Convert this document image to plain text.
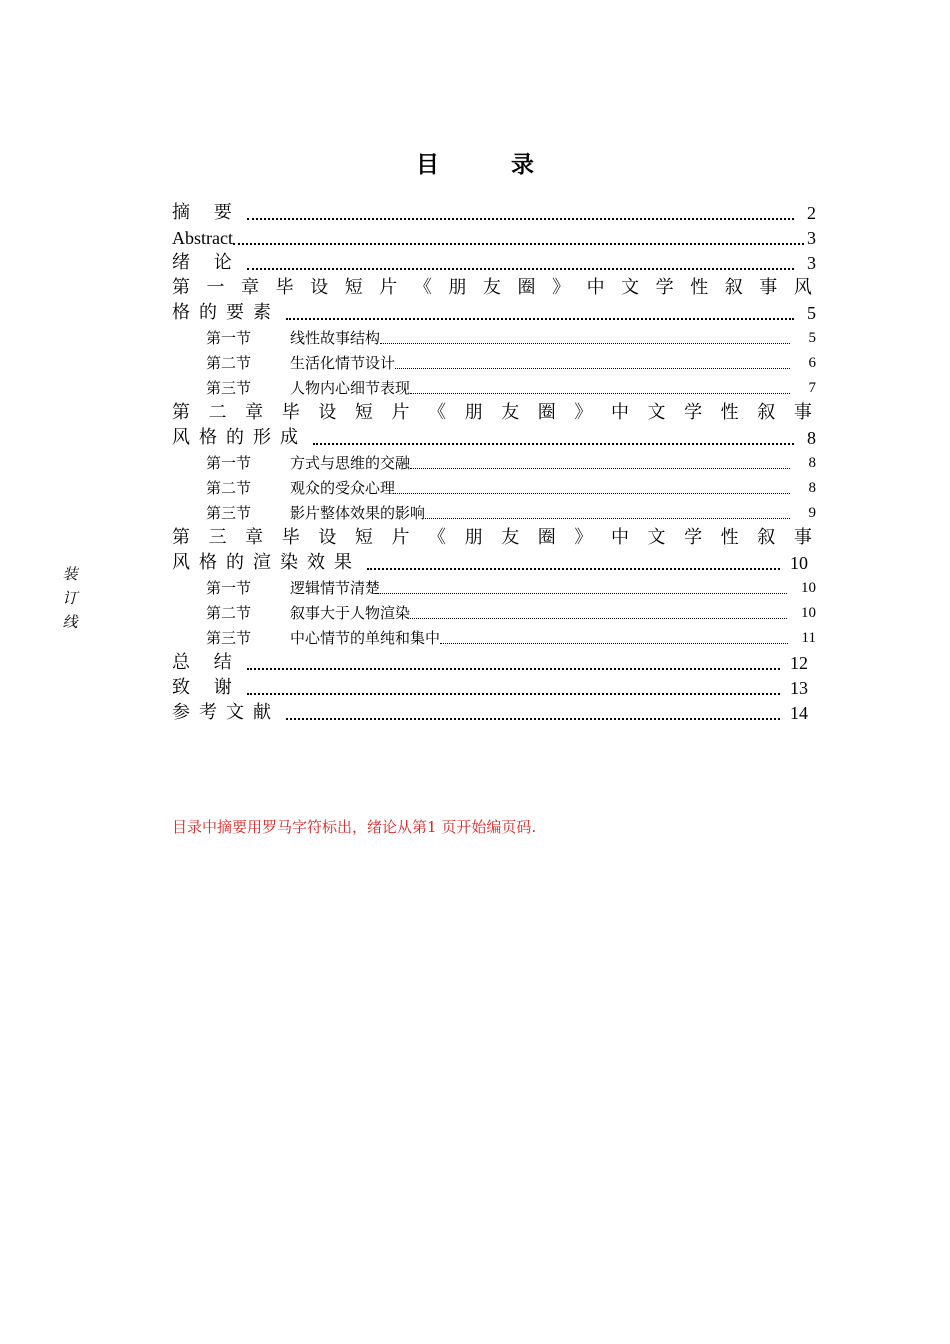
装
订
线
目	录
摘 要	2
Abstract	3
绪 论	3
第 一 章 毕 设 短 片 《 朋 友 圈 》 中 文 学 性 叙 事 风
格的要素	5
第一节	线性故事结构	5
第二节	生活化情节设计	6
第三节	人物内心细节表现	7
第 二 章 毕 设 短 片 《 朋 友 圈 》 中 文 学 性 叙 事
风格的形成	8
第一节	方式与思维的交融	8
第二节	观众的受众心理	8
第三节	影片整体效果的影响	9
第 三 章 毕 设 短 片 《 朋 友 圈 》 中 文 学 性 叙 事
风格的渲染效果	10
第一节	逻辑情节清楚	10
第二节	叙事大于人物渲染	10
第三节	中心情节的单纯和集中	11
总 结	12
致 谢	13
参考文献	14
目录中摘要用罗马字符标出，绪论从第1 页开始编页码.
